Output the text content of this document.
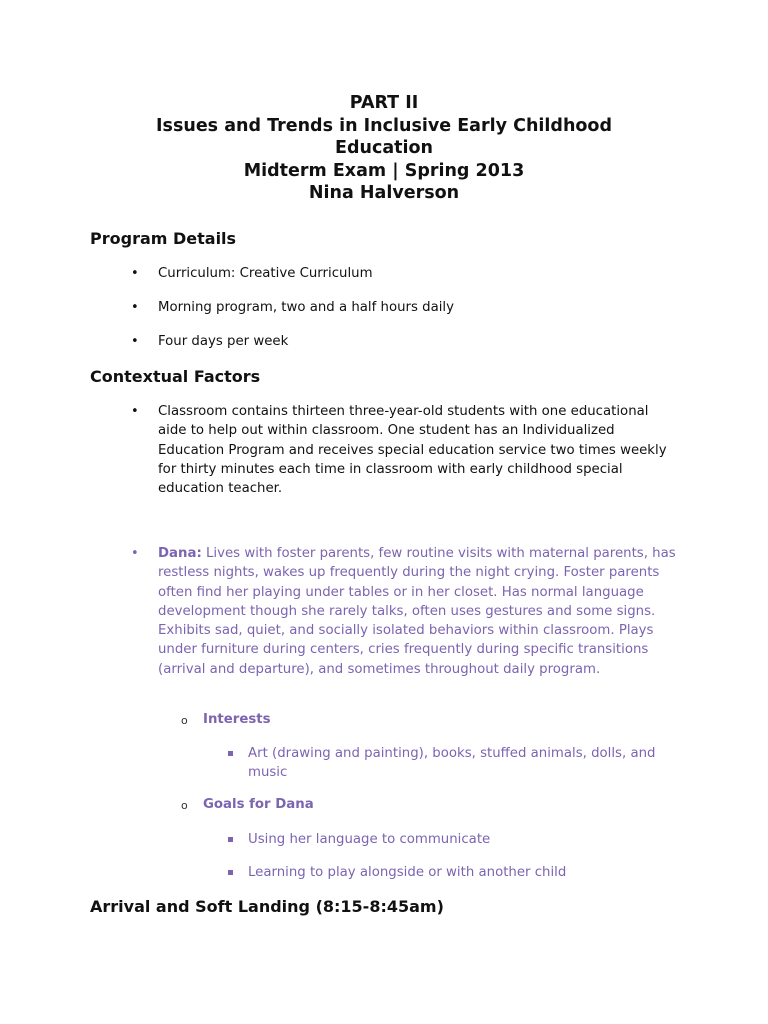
PART II
Issues and Trends in Inclusive Early Childhood
Education
Midterm Exam | Spring 2013
Nina Halverson
Program Details
• Curriculum: Creative Curriculum
• Morning program, two and a half hours daily
• Four days per week
Contextual Factors
• Classroom contains thirteen three-year-old students with one educational aide to help out within classroom. One student has an Individualized Education Program and receives special education service two times weekly for thirty minutes each time in classroom with early childhood special education teacher.
• Dana: Lives with foster parents, few routine visits with maternal parents, has restless nights, wakes up frequently during the night crying. Foster parents often find her playing under tables or in her closet. Has normal language development though she rarely talks, often uses gestures and some signs. Exhibits sad, quiet, and socially isolated behaviors within classroom. Plays under furniture during centers, cries frequently during specific transitions (arrival and departure), and sometimes throughout daily program.
o Interests
Art (drawing and painting), books, stuffed animals, dolls, and music
o Goals for Dana
Using her language to communicate
Learning to play alongside or with another child
Arrival and Soft Landing (8:15-8:45am)
